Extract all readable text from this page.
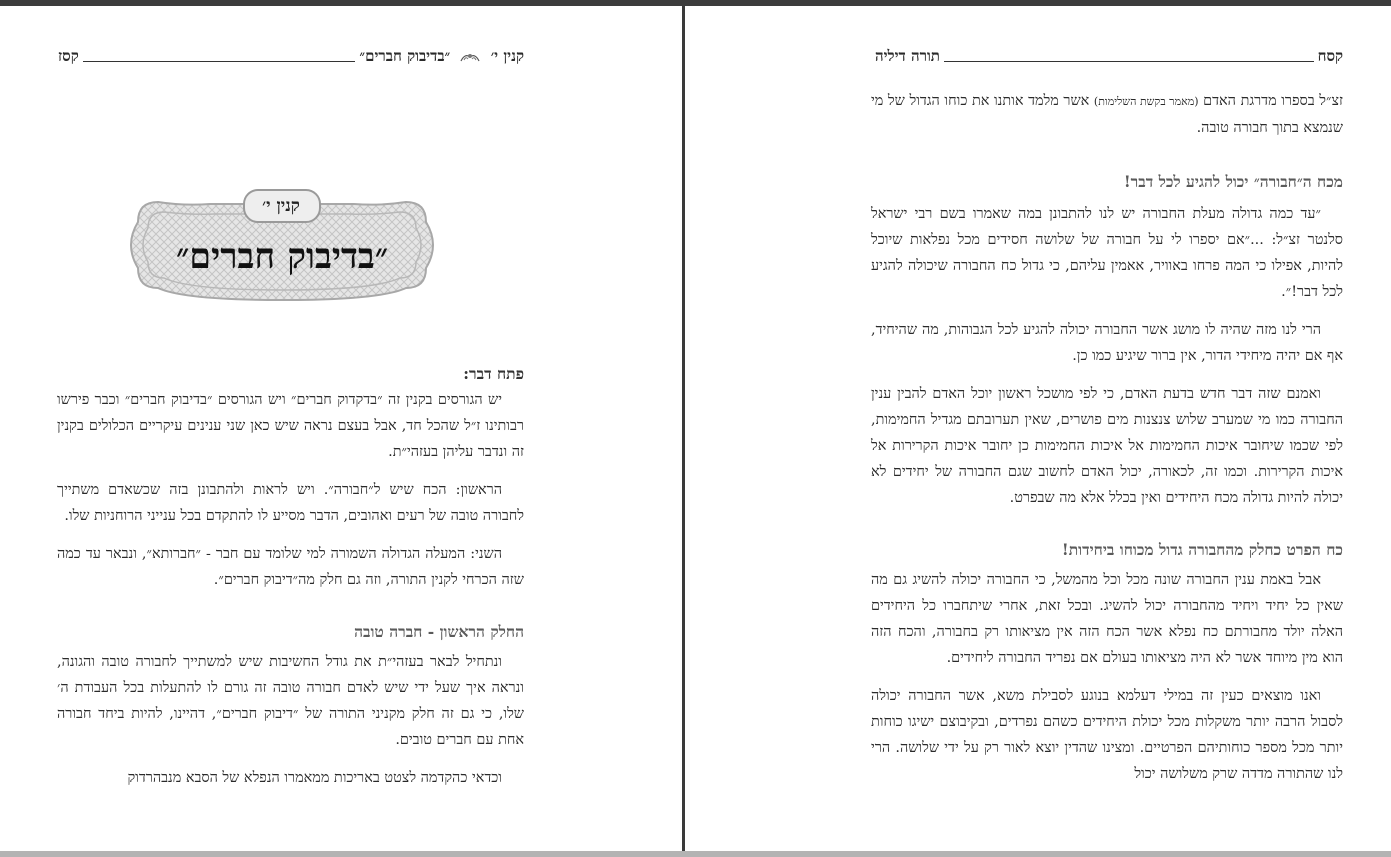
קסח
תורה דיליה

זצ״ל בספרו מדרגת האדם (מאמר בקשת השלימות) אשר מלמד אותנו את כוחו הגדול של מי שנמצא בתוך חבורה טובה.

מכח ה״חבורה״ יכול להגיע לכל דבר!

״עד כמה גדולה מעלת החבורה יש לנו להתבונן במה שאמרו בשם רבי ישראל סלנטר זצ״ל: ...״אם יספרו לי על חבורה של שלושה חסידים מכל נפלאות שיוכל להיות, אפילו כי המה פרחו באוויר, אאמין עליהם, כי גדול כח החבורה שיכולה להגיע לכל דבר!״.

הרי לנו מזה שהיה לו מושג אשר החבורה יכולה להגיע לכל הגבוהות, מה שהיחיד, אף אם יהיה מיחידי הדור, אין ברור שיגיע כמו כן.

ואמנם שזה דבר חדש בדעת האדם, כי לפי מושכל ראשון יוכל האדם להבין ענין החבורה כמו מי שמערב שלוש צנצנות מים פושרים, שאין תערובתם מגדיל החמימות, לפי שכמו שיחובר איכות החמימות אל איכות החמימות כן יחובר איכות הקרירות אל איכות הקרירות. וכמו זה, לכאורה, יכול האדם לחשוב שגם החבורה של יחידים לא יכולה להיות גדולה מכח היחידים ואין בכלל אלא מה שבפרט.

כח הפרט כחלק מהחבורה גדול מכוחו ביחידות!

אבל באמת ענין החבורה שונה מכל וכל מהמשל, כי החבורה יכולה להשיג גם מה שאין כל יחיד ויחיד מהחבורה יכול להשיג. ובכל זאת, אחרי שיתחברו כל היחידים האלה יולד מחבורתם כח נפלא אשר הכח הזה אין מציאותו רק בחבורה, והכח הזה הוא מין מיוחד אשר לא היה מציאותו בעולם אם נפריד החבורה ליחידים.

ואנו מוצאים כעין זה במילי דעלמא בנוגע לסבילת משא, אשר החבורה יכולה לסבול הרבה יותר משקלות מכל יכולת היחידים כשהם נפרדים, ובקיבוצם ישיגו כוחות יותר מכל מספר כוחותיהם הפרטיים. ומצינו שהדין יוצא לאור רק על ידי שלושה. הרי לנו שהתורה מדדה שרק משלושה יכול

קנין י׳  ״בדיבוק חברים״
קסז
קנין י׳
״בדיבוק חברים״

פתח דבר:

יש הגורסים בקנין זה ״בדקדוק חברים״ ויש הגורסים ״בדיבוק חברים״ וכבר פירשו רבותינו ז״ל שהכל חד, אבל בעצם נראה שיש כאן שני ענינים עיקריים הכלולים בקנין זה ונדבר עליהן בעזהי״ת.

הראשון: הכח שיש ל״חבורה״. ויש לראות ולהתבונן בזה שכשאדם משתייך לחבורה טובה של רעים ואהובים, הדבר מסייע לו להתקדם בכל ענייני הרוחניות שלו.

השני: המעלה הגדולה השמורה למי שלומד עם חבר - ״חברותא״, ונבאר עד כמה שזה הכרחי לקנין התורה, וזה גם חלק מה״דיבוק חברים״.

החלק הראשון - חברה טובה

ונתחיל לבאר בעזהי״ת את גודל החשיבות שיש למשתייך לחבורה טובה והגונה, ונראה איך שעל ידי שיש לאדם חבורה טובה זה גורם לו להתעלות בכל העבודת ה׳ שלו, כי גם זה חלק מקניני התורה של ״דיבוק חברים״, דהיינו, להיות ביחד חבורה אחת עם חברים טובים.

וכדאי כהקדמה לצטט באריכות ממאמרו הנפלא של הסבא מנבהרדוק
